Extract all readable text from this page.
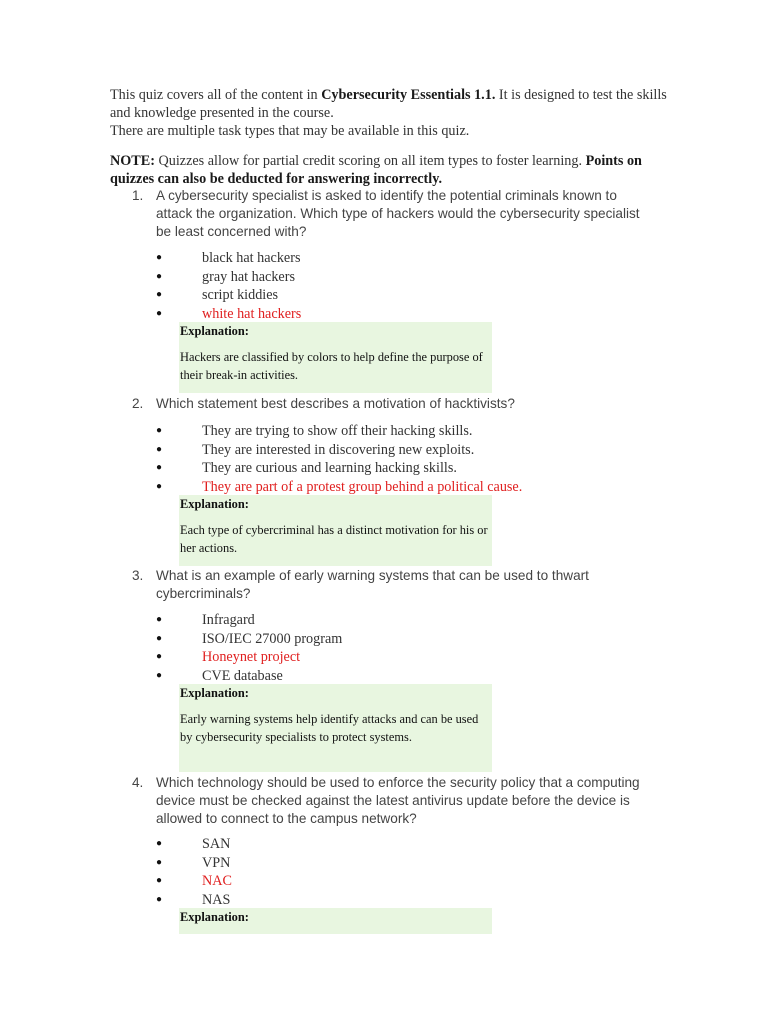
This quiz covers all of the content in Cybersecurity Essentials 1.1. It is designed to test the skills and knowledge presented in the course.

There are multiple task types that may be available in this quiz.

NOTE: Quizzes allow for partial credit scoring on all item types to foster learning. Points on quizzes can also be deducted for answering incorrectly.

1. A cybersecurity specialist is asked to identify the potential criminals known to attack the organization. Which type of hackers would the cybersecurity specialist be least concerned with?
●	black hat hackers
●	gray hat hackers
●	script kiddies
●	white hat hackers
Explanation:
Hackers are classified by colors to help define the purpose of their break-in activities.
2. Which statement best describes a motivation of hacktivists?
●	They are trying to show off their hacking skills.
●	They are interested in discovering new exploits.
●	They are curious and learning hacking skills.
●	They are part of a protest group behind a political cause.
Explanation:
Each type of cybercriminal has a distinct motivation for his or her actions.
3. What is an example of early warning systems that can be used to thwart cybercriminals?
●	Infragard
●	ISO/IEC 27000 program
●	Honeynet project
●	CVE database
Explanation:
Early warning systems help identify attacks and can be used by cybersecurity specialists to protect systems.
4. Which technology should be used to enforce the security policy that a computing device must be checked against the latest antivirus update before the device is allowed to connect to the campus network?
●	SAN
●	VPN
●	NAC
●	NAS
Explanation:
